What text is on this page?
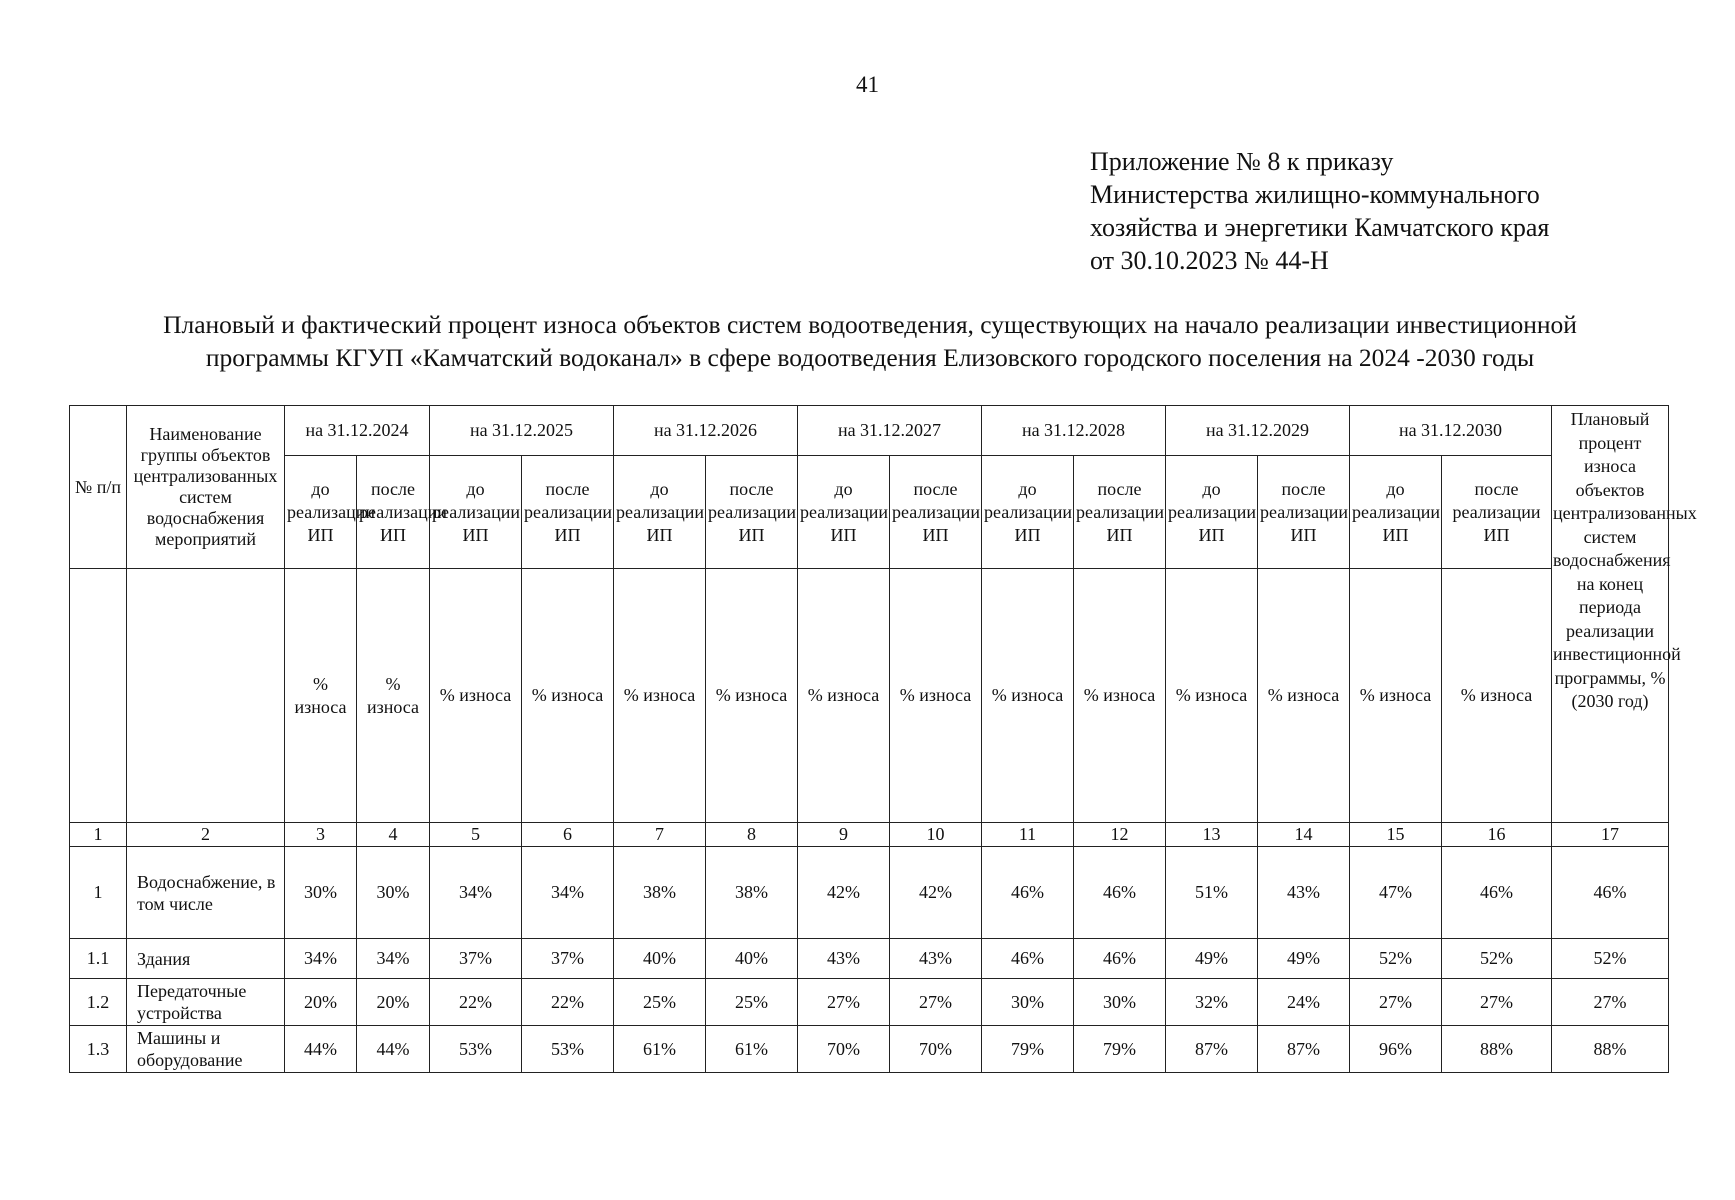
41
Приложение № 8 к приказу
Министерства жилищно-коммунального
хозяйства и энергетики Камчатского края
от 30.10.2023 № 44-Н
Плановый и фактический процент износа объектов систем водоотведения, существующих на начало реализации инвестиционной
программы КГУП «Камчатский водоканал» в сфере водоотведения Елизовского городского поселения на 2024 -2030 годы
№ п/п	Наименование группы объектов централизованных систем водоснабжения мероприятий	на 31.12.2024		на 31.12.2025		на 31.12.2026		на 31.12.2027		на 31.12.2028		на 31.12.2029		на 31.12.2030		Плановый процент износа объектов централизованных систем водоснабжения на конец периода реализации инвестиционной программы, % (2030 год)
		до реализации ИП	после реализации ИП	до реализации ИП	после реализации ИП	до реализации ИП	после реализации ИП	до реализации ИП	после реализации ИП	до реализации ИП	после реализации ИП	до реализации ИП	после реализации ИП	до реализации ИП	после реализации ИП	
		% износа	% износа	% износа	% износа	% износа	% износа	% износа	% износа	% износа	% износа	% износа	% износа	% износа	% износа	
1	2	3	4	5	6	7	8	9	10	11	12	13	14	15	16	17
1	Водоснабжение, в том числе	30%	30%	34%	34%	38%	38%	42%	42%	46%	46%	51%	43%	47%	46%	46%
1.1	Здания	34%	34%	37%	37%	40%	40%	43%	43%	46%	46%	49%	49%	52%	52%	52%
1.2	Передаточные устройства	20%	20%	22%	22%	25%	25%	27%	27%	30%	30%	32%	24%	27%	27%	27%
1.3	Машины и оборудование	44%	44%	53%	53%	61%	61%	70%	70%	79%	79%	87%	87%	96%	88%	88%
